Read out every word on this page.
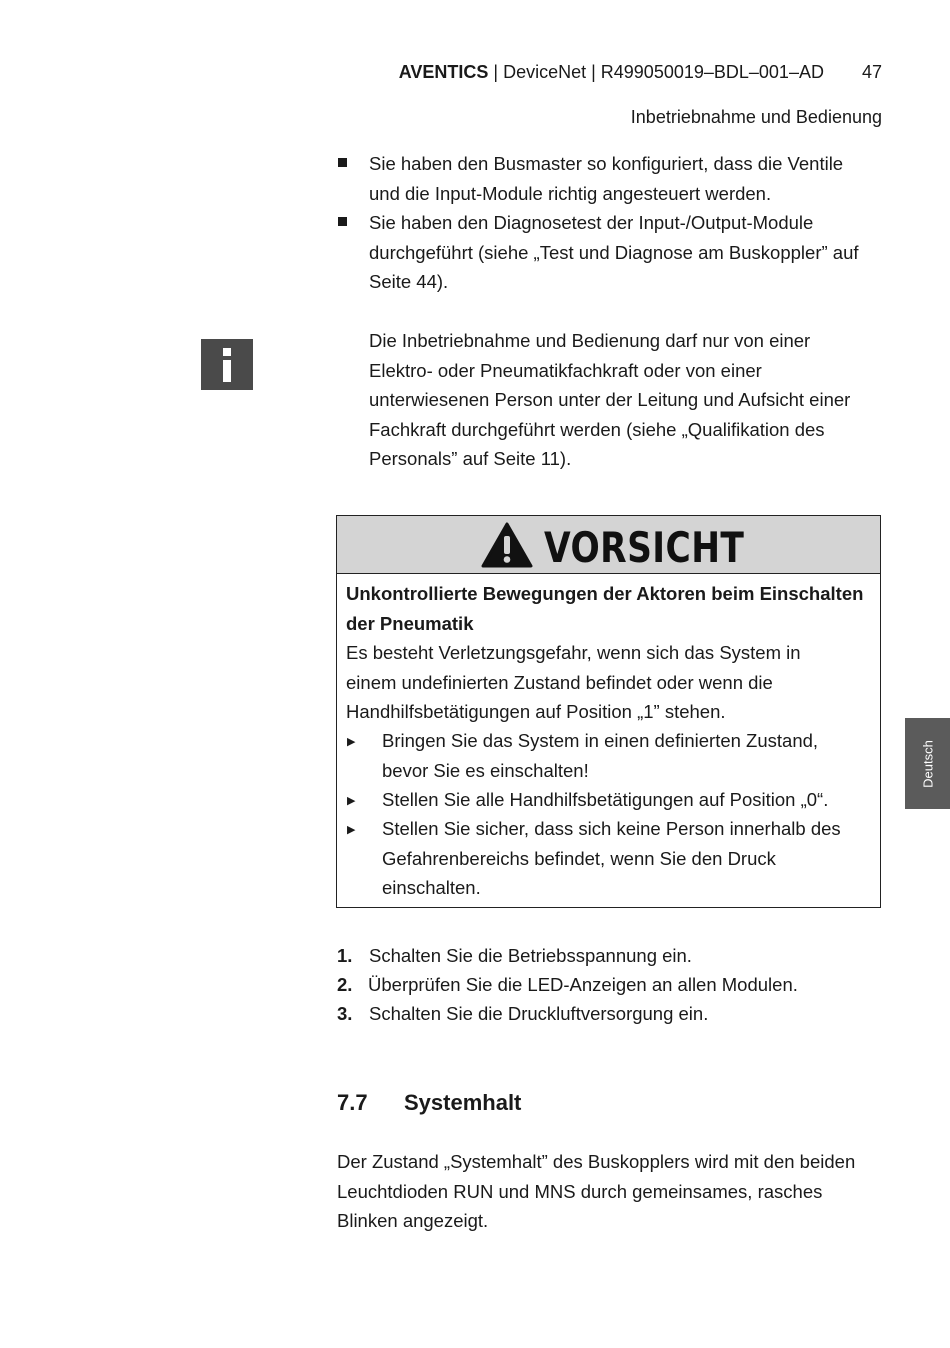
AVENTICS | DeviceNet | R499050019–BDL–001–AD 47
Inbetriebnahme und Bedienung
Sie haben den Busmaster so konfiguriert, dass die Ventile
und die Input-Module richtig angesteuert werden.
Sie haben den Diagnosetest der Input-/Output-Module
durchgeführt (siehe „Test und Diagnose am Buskoppler” auf
Seite 44).
Die Inbetriebnahme und Bedienung darf nur von einer
Elektro- oder Pneumatikfachkraft oder von einer
unterwiesenen Person unter der Leitung und Aufsicht einer
Fachkraft durchgeführt werden (siehe „Qualifikation des
Personals” auf Seite 11).
VORSICHT
Unkontrollierte Bewegungen der Aktoren beim Einschalten
der Pneumatik
Es besteht Verletzungsgefahr, wenn sich das System in
einem undefinierten Zustand befindet oder wenn die
Handhilfsbetätigungen auf Position „1” stehen.
▶ Bringen Sie das System in einen definierten Zustand,
bevor Sie es einschalten!
▶ Stellen Sie alle Handhilfsbetätigungen auf Position „0“.
▶ Stellen Sie sicher, dass sich keine Person innerhalb des
Gefahrenbereichs befindet, wenn Sie den Druck
einschalten.
1. Schalten Sie die Betriebsspannung ein.
2. Überprüfen Sie die LED-Anzeigen an allen Modulen.
3. Schalten Sie die Druckluftversorgung ein.
7.7 Systemhalt
Der Zustand „Systemhalt” des Buskopplers wird mit den beiden
Leuchtdioden RUN und MNS durch gemeinsames, rasches
Blinken angezeigt.
Deutsch
